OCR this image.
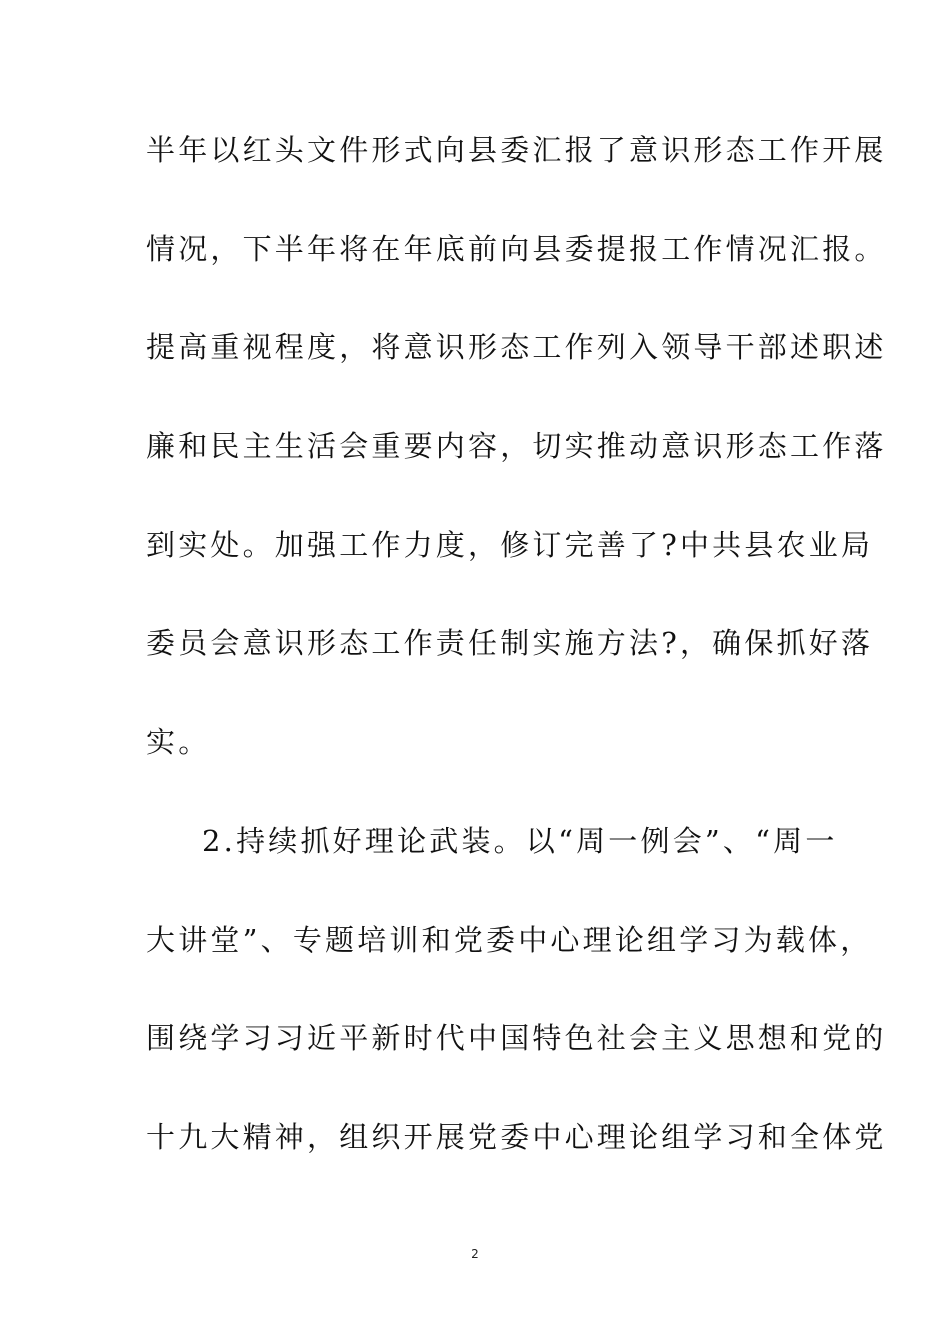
半年以红头文件形式向县委汇报了意识形态工作开展
情况，下半年将在年底前向县委提报工作情况汇报。
提高重视程度，将意识形态工作列入领导干部述职述
廉和民主生活会重要内容，切实推动意识形态工作落
到实处。加强工作力度，修订完善了?中共县农业局
委员会意识形态工作责任制实施方法?，确保抓好落
实。
2.持续抓好理论武装。以“周一例会”、“周一
大讲堂”、专题培训和党委中心理论组学习为载体，
围绕学习习近平新时代中国特色社会主义思想和党的
十九大精神，组织开展党委中心理论组学习和全体党
2
